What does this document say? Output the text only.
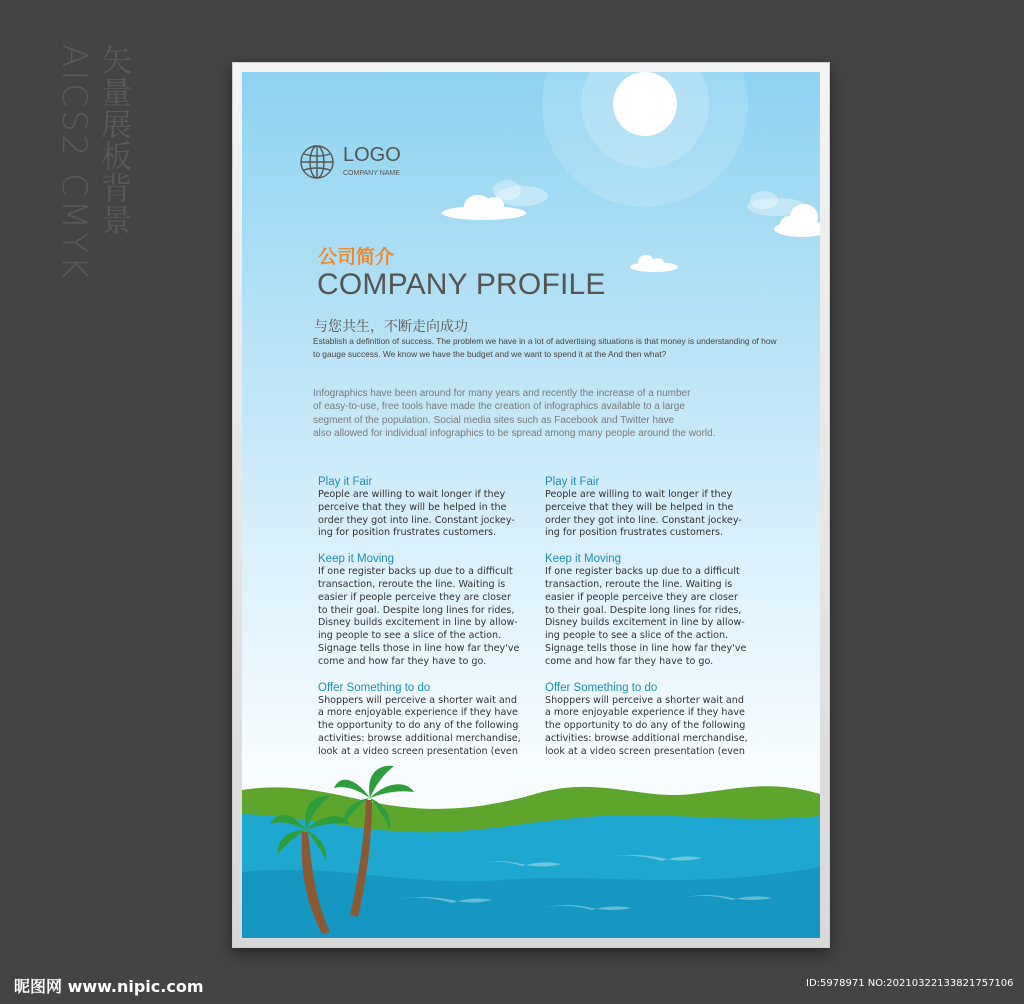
矢量展板背景
AICS2 CMYK	LOGO
COMPANY NAME
公司简介
COMPANY PROFILE
与您共生，不断走向成功
Establish a definition of success. The problem we have in a lot of advertising situations is that money is understanding of how to gauge success. We know we have the budget and we want to spend it at the And then what?
Infographics have been around for many years and recently the increase of a number
of easy-to-use, free tools have made the creation of infographics available to a large
segment of the population. Social media sites such as Facebook and Twitter have
also allowed for individual infographics to be spread among many people around the world.
Play it Fair

People are willing to wait longer if they

perceive that they will be helped in the

order they got into line. Constant jockey-

ing for position frustrates customers.

Keep it Moving

If one register backs up due to a difficult

transaction, reroute the line. Waiting is

easier if people perceive they are closer

to their goal. Despite long lines for rides,

Disney builds excitement in line by allow-

ing people to see a slice of the action.

Signage tells those in line how far they've

come and how far they have to go.

Offer Something to do

Shoppers will perceive a shorter wait and

a more enjoyable experience if they have

the opportunity to do any of the following

activities: browse additional merchandise,

look at a video screen presentation (even

Play it Fair

People are willing to wait longer if they

perceive that they will be helped in the

order they got into line. Constant jockey-

ing for position frustrates customers.

Keep it Moving

If one register backs up due to a difficult

transaction, reroute the line. Waiting is

easier if people perceive they are closer

to their goal. Despite long lines for rides,

Disney builds excitement in line by allow-

ing people to see a slice of the action.

Signage tells those in line how far they've

come and how far they have to go.

Offer Something to do

Shoppers will perceive a shorter wait and

a more enjoyable experience if they have

the opportunity to do any of the following

activities: browse additional merchandise,

look at a video screen presentation (even

昵图网 www.nipic.com	ID:5978971 NO:20210322133821757106
